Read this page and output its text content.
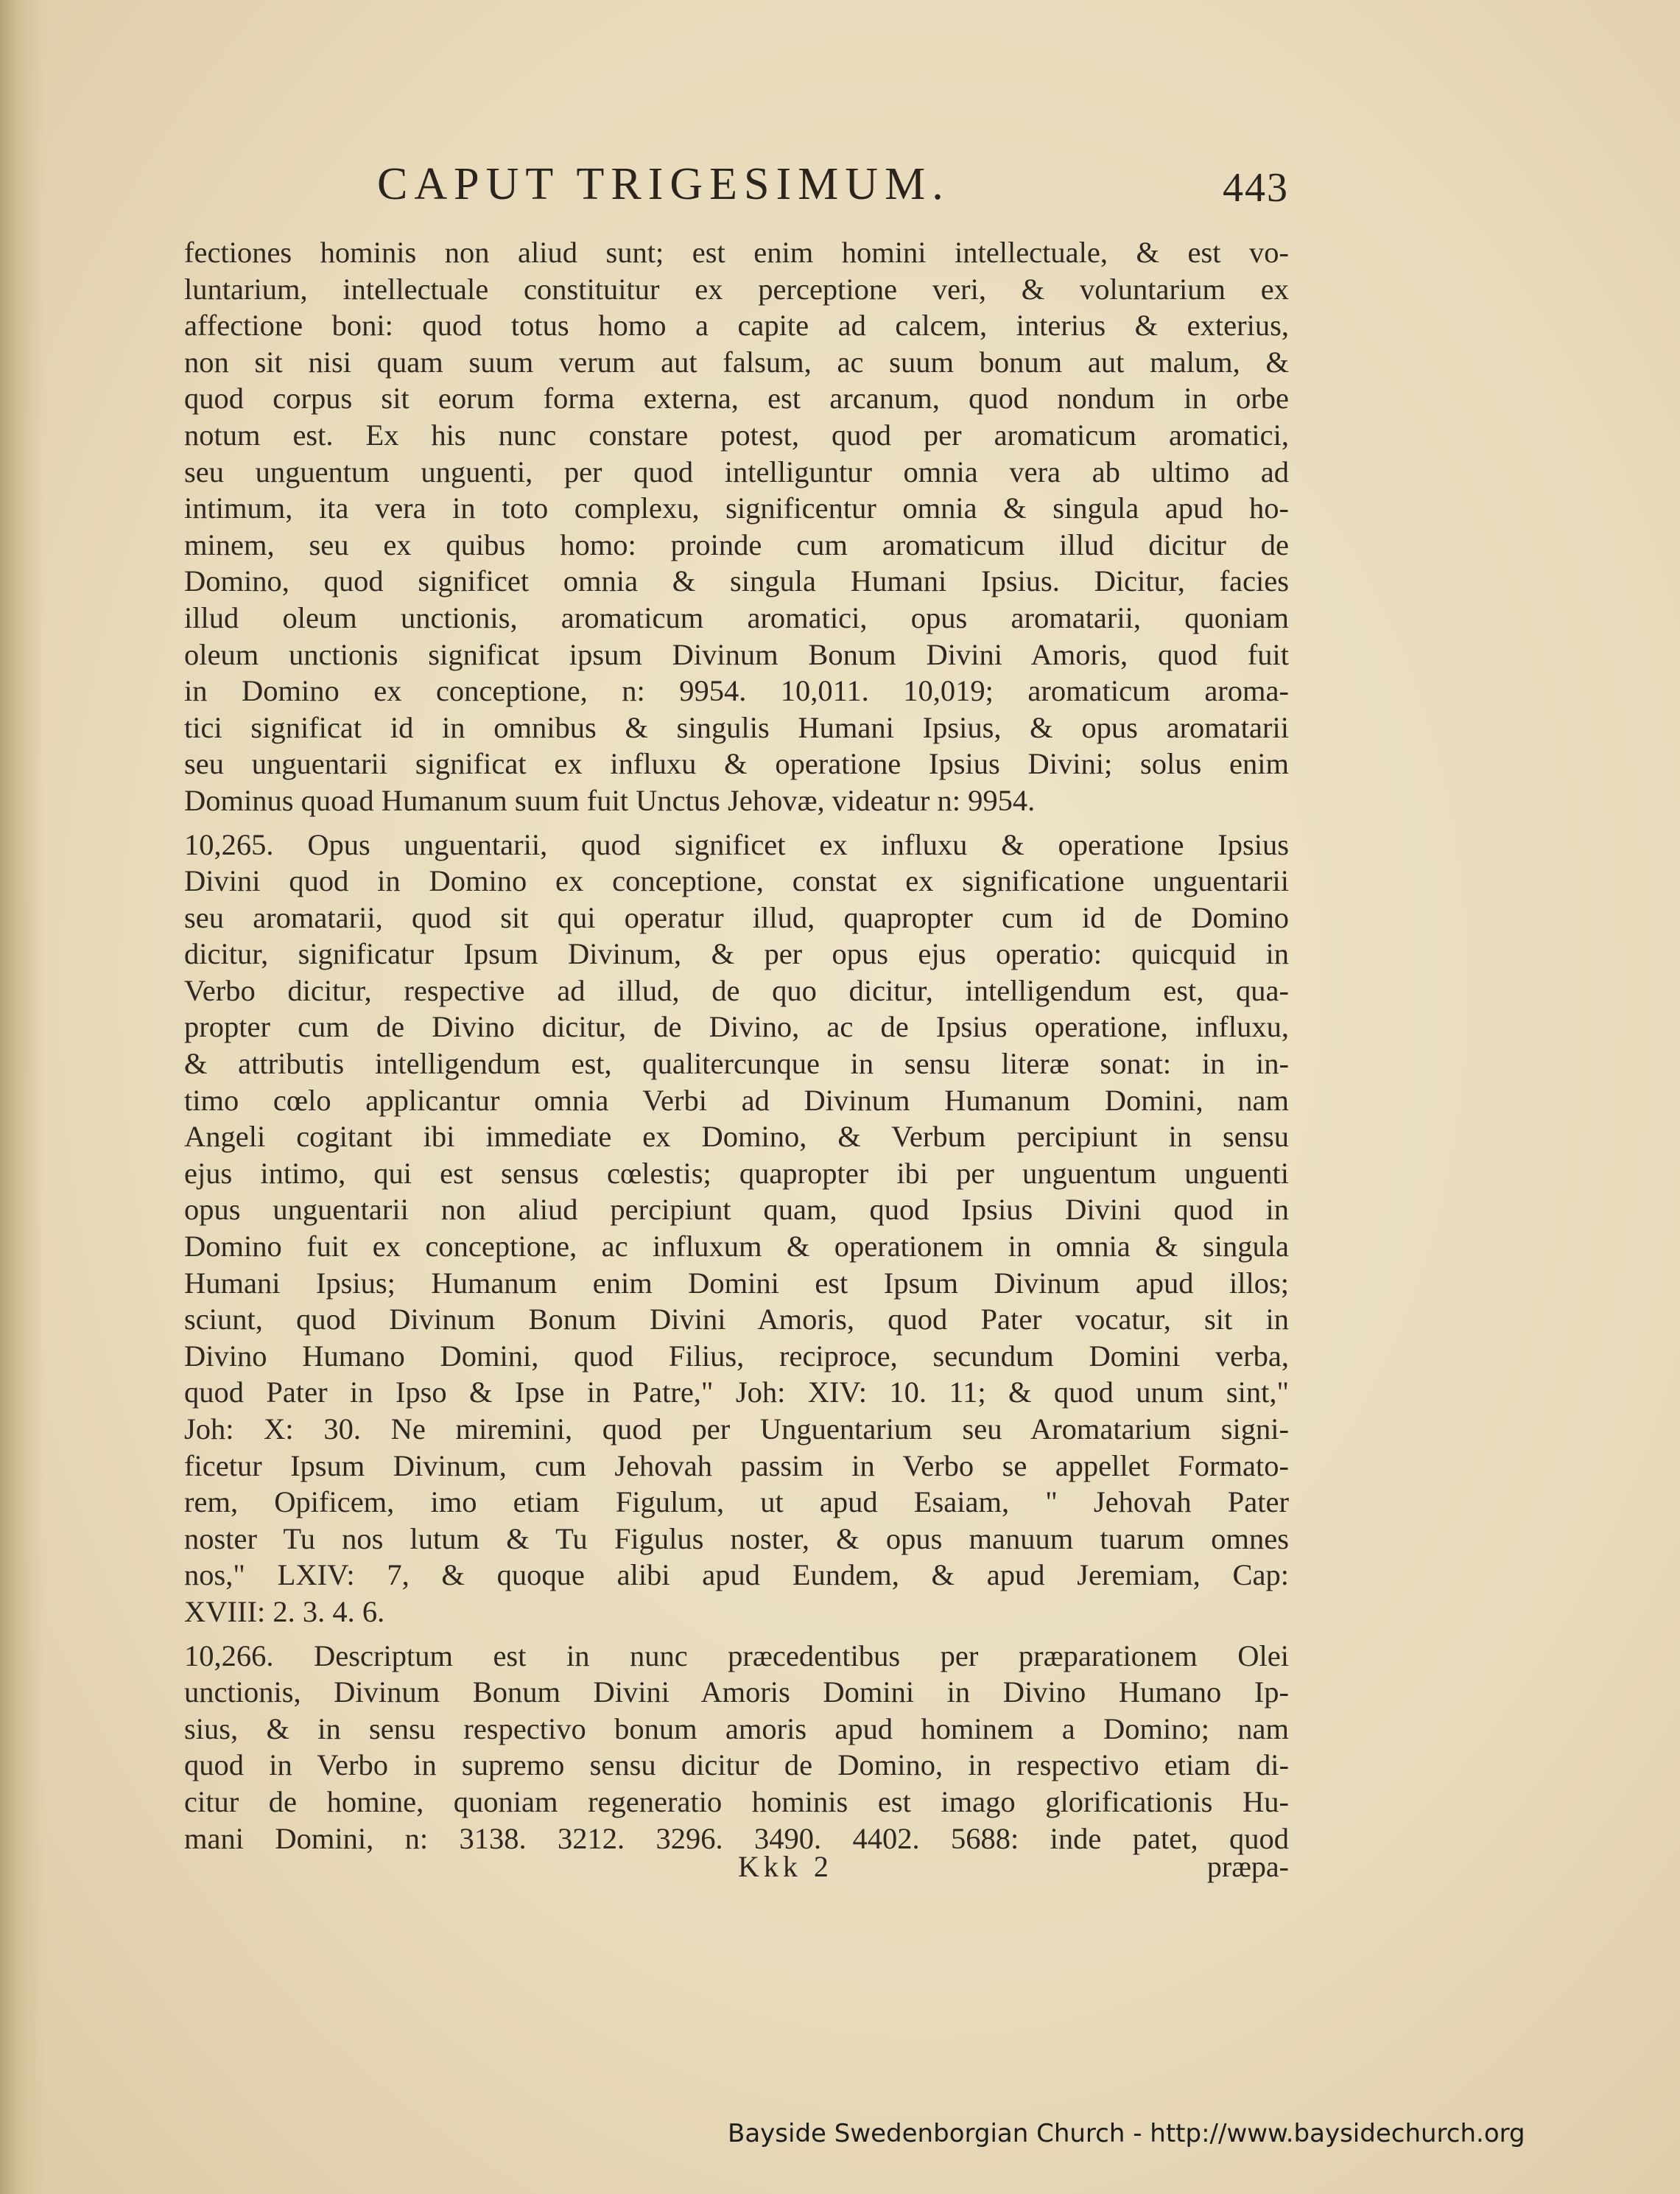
CAPUT TRIGESIMUM.	443
fectiones hominis non aliud sunt; est enim homini intellectuale, & est vo-
luntarium, intellectuale constituitur ex perceptione veri, & voluntarium ex
affectione boni: quod totus homo a capite ad calcem, interius & exterius,
non sit nisi quam suum verum aut falsum, ac suum bonum aut malum, &
quod corpus sit eorum forma externa, est arcanum, quod nondum in orbe
notum est. Ex his nunc constare potest, quod per aromaticum aromatici,
seu unguentum unguenti, per quod intelliguntur omnia vera ab ultimo ad
intimum, ita vera in toto complexu, significentur omnia & singula apud ho-
minem, seu ex quibus homo: proinde cum aromaticum illud dicitur de
Domino, quod significet omnia & singula Humani Ipsius. Dicitur, facies
illud oleum unctionis, aromaticum aromatici, opus aromatarii, quoniam
oleum unctionis significat ipsum Divinum Bonum Divini Amoris, quod fuit
in Domino ex conceptione, n: 9954. 10,011. 10,019; aromaticum aroma-
tici significat id in omnibus & singulis Humani Ipsius, & opus aromatarii
seu unguentarii significat ex influxu & operatione Ipsius Divini; solus enim
Dominus quoad Humanum suum fuit Unctus Jehovæ, videatur n: 9954.
10,265. Opus unguentarii, quod significet ex influxu & operatione Ipsius
Divini quod in Domino ex conceptione, constat ex significatione unguentarii
seu aromatarii, quod sit qui operatur illud, quapropter cum id de Domino
dicitur, significatur Ipsum Divinum, & per opus ejus operatio: quicquid in
Verbo dicitur, respective ad illud, de quo dicitur, intelligendum est, qua-
propter cum de Divino dicitur, de Divino, ac de Ipsius operatione, influxu,
& attributis intelligendum est, qualitercunque in sensu literæ sonat: in in-
timo cœlo applicantur omnia Verbi ad Divinum Humanum Domini, nam
Angeli cogitant ibi immediate ex Domino, & Verbum percipiunt in sensu
ejus intimo, qui est sensus cœlestis; quapropter ibi per unguentum unguenti
opus unguentarii non aliud percipiunt quam, quod Ipsius Divini quod in
Domino fuit ex conceptione, ac influxum & operationem in omnia & singula
Humani Ipsius; Humanum enim Domini est Ipsum Divinum apud illos;
sciunt, quod Divinum Bonum Divini Amoris, quod Pater vocatur, sit in
Divino Humano Domini, quod Filius, reciproce, secundum Domini verba,
quod Pater in Ipso & Ipse in Patre," Joh: XIV: 10. 11; & quod unum sint,"
Joh: X: 30. Ne miremini, quod per Unguentarium seu Aromatarium signi-
ficetur Ipsum Divinum, cum Jehovah passim in Verbo se appellet Formato-
rem, Opificem, imo etiam Figulum, ut apud Esaiam, " Jehovah Pater
noster Tu nos lutum & Tu Figulus noster, & opus manuum tuarum omnes
nos," LXIV: 7, & quoque alibi apud Eundem, & apud Jeremiam, Cap:
XVIII: 2. 3. 4. 6.
10,266. Descriptum est in nunc præcedentibus per præparationem Olei
unctionis, Divinum Bonum Divini Amoris Domini in Divino Humano Ip-
sius, & in sensu respectivo bonum amoris apud hominem a Domino; nam
quod in Verbo in supremo sensu dicitur de Domino, in respectivo etiam di-
citur de homine, quoniam regeneratio hominis est imago glorificationis Hu-
mani Domini, n: 3138. 3212. 3296. 3490. 4402. 5688: inde patet, quod
Kkk 2	præpa-
Bayside Swedenborgian Church - http://www.baysidechurch.org
